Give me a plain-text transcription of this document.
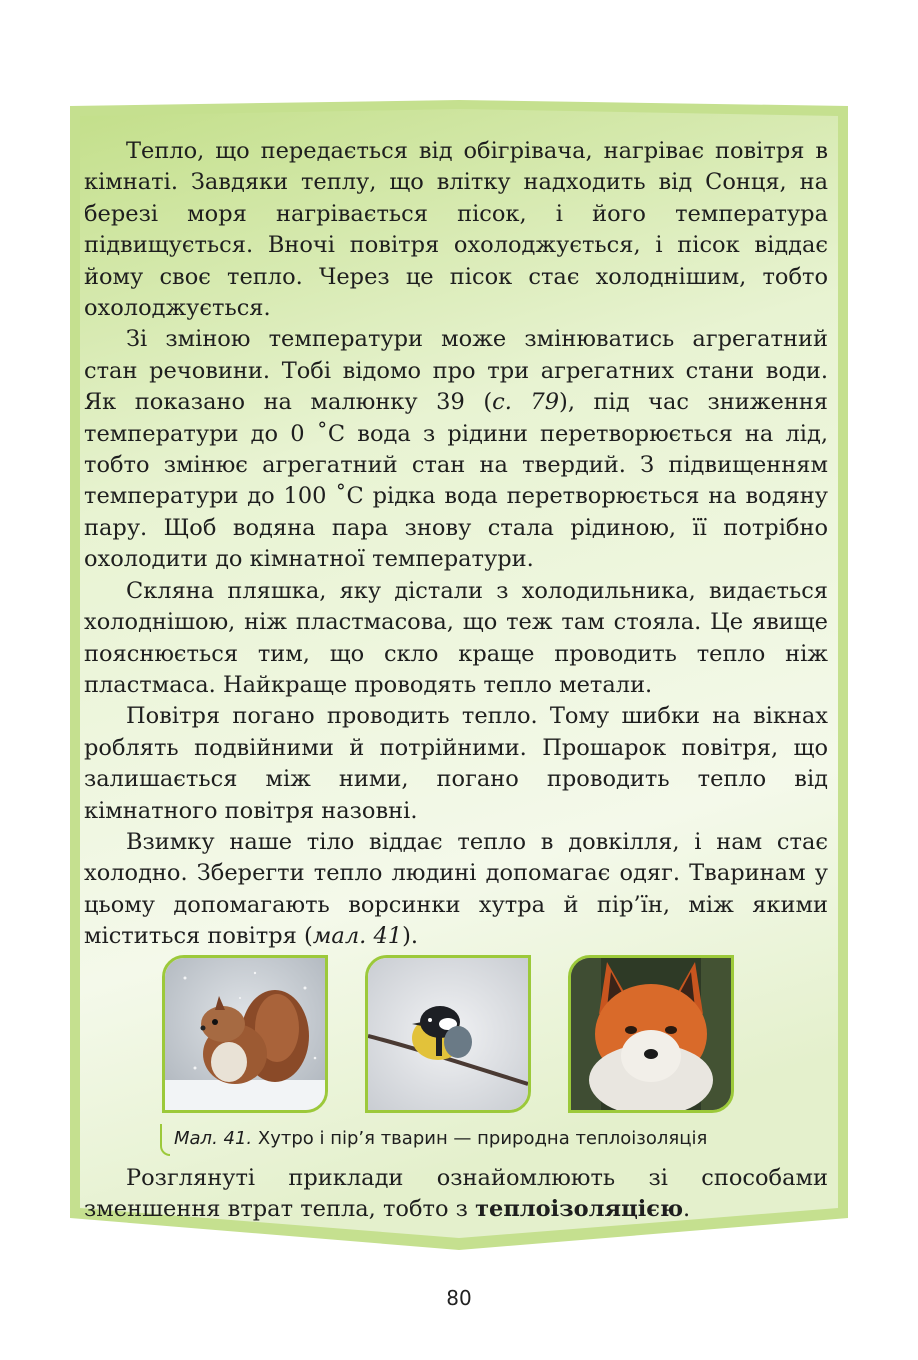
Тепло, що передається від обігрівача, нагріває повітря в кімнаті. Завдяки теплу, що влітку надходить від Сонця, на березі моря нагрівається пісок, і його температура підвищується. Вночі повітря охолоджується, і пісок віддає йому своє тепло. Через це пісок стає холоднішим, тобто охолоджується.

Зі зміною температури може змінюватись агрегатний стан речовини. Тобі відомо про три агрегатних стани води. Як показано на малюнку 39 (с. 79), під час зниження температури до 0 ˚С вода з рідини перетворюється на лід, тобто змінює агрегатний стан на твердий. З підвищенням температури до 100 ˚С рідка вода перетворюється на водяну пару. Щоб водяна пара знову стала рідиною, її потрібно охолодити до кімнатної температури.

Скляна пляшка, яку дістали з холодильника, видається холоднішою, ніж пластмасова, що теж там стояла. Це явище пояснюється тим, що скло краще проводить тепло ніж пластмаса. Найкраще проводять тепло метали.

Повітря погано проводить тепло. Тому шибки на вікнах роблять подвійними й потрійними. Прошарок повітря, що залишається між ними, погано проводить тепло від кімнатного повітря назовні.

Взимку наше тіло віддає тепло в довкілля, і нам стає холодно. Зберегти тепло людині допомагає одяг. Тваринам у цьому допомагають ворсинки хутра й пір’їн, між якими міститься повітря (мал. 41).

Мал. 41. Хутро і пір’я тварин — природна теплоізоляція

Розглянуті приклади ознайомлюють зі способами зменшення втрат тепла, тобто з теплоізоляцією.

80
